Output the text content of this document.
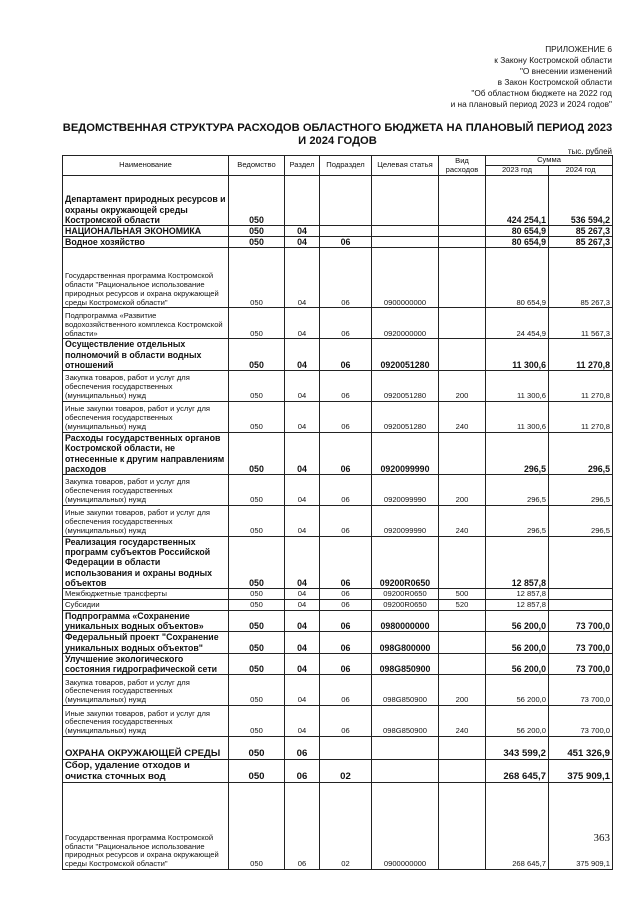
ПРИЛОЖЕНИЕ 6
к Закону Костромской области
"О внесении изменений
в Закон Костромской области
"Об областном бюджете на 2022 год
и на плановый период 2023 и 2024 годов"
ВЕДОМСТВЕННАЯ СТРУКТУРА РАСХОДОВ ОБЛАСТНОГО БЮДЖЕТА НА ПЛАНОВЫЙ ПЕРИОД 2023 И 2024 ГОДОВ
тыс. рублей
Наименование	Ведомство	Раздел	Подраздел	Целевая статья	Вид расходов	Сумма	
						2023 год	2024 год
Департамент природных ресурсов и охраны окружающей среды Костромской области	050					424 254,1	536 594,2
НАЦИОНАЛЬНАЯ ЭКОНОМИКА	050	04				80 654,9	85 267,3
Водное хозяйство	050	04	06			80 654,9	85 267,3
Государственная программа Костромской области "Рациональное использование природных ресурсов и охрана окружающей среды Костромской области"	050	04	06	0900000000		80 654,9	85 267,3
Подпрограмма «Развитие водохозяйственного комплекса Костромской области»	050	04	06	0920000000		24 454,9	11 567,3
Осуществление отдельных полномочий в области водных отношений	050	04	06	0920051280		11 300,6	11 270,8
Закупка товаров, работ и услуг для обеспечения государственных (муниципальных) нужд	050	04	06	0920051280	200	11 300,6	11 270,8
Иные закупки товаров, работ и услуг для обеспечения государственных (муниципальных) нужд	050	04	06	0920051280	240	11 300,6	11 270,8
Расходы государственных органов Костромской области, не отнесенные к другим направлениям расходов	050	04	06	0920099990		296,5	296,5
Закупка товаров, работ и услуг для обеспечения государственных (муниципальных) нужд	050	04	06	0920099990	200	296,5	296,5
Иные закупки товаров, работ и услуг для обеспечения государственных (муниципальных) нужд	050	04	06	0920099990	240	296,5	296,5
Реализация государственных программ субъектов Российской Федерации в области использования и охраны водных объектов	050	04	06	09200R0650		12 857,8	
Межбюджетные трансферты	050	04	06	09200R0650	500	12 857,8	
Субсидии	050	04	06	09200R0650	520	12 857,8	
Подпрограмма «Сохранение уникальных водных объектов»	050	04	06	0980000000		56 200,0	73 700,0
Федеральный проект "Сохранение уникальных водных объектов"	050	04	06	098G800000		56 200,0	73 700,0
Улучшение экологического состояния гидрографической сети	050	04	06	098G850900		56 200,0	73 700,0
Закупка товаров, работ и услуг для обеспечения государственных (муниципальных) нужд	050	04	06	098G850900	200	56 200,0	73 700,0
Иные закупки товаров, работ и услуг для обеспечения государственных (муниципальных) нужд	050	04	06	098G850900	240	56 200,0	73 700,0
ОХРАНА ОКРУЖАЮЩЕЙ СРЕДЫ	050	06				343 599,2	451 326,9
Сбор, удаление отходов и очистка сточных вод	050	06	02			268 645,7	375 909,1
Государственная программа Костромской области "Рациональное использование природных ресурсов и охрана окружающей среды Костромской области"	050	06	02	0900000000		268 645,7	375 909,1
363
